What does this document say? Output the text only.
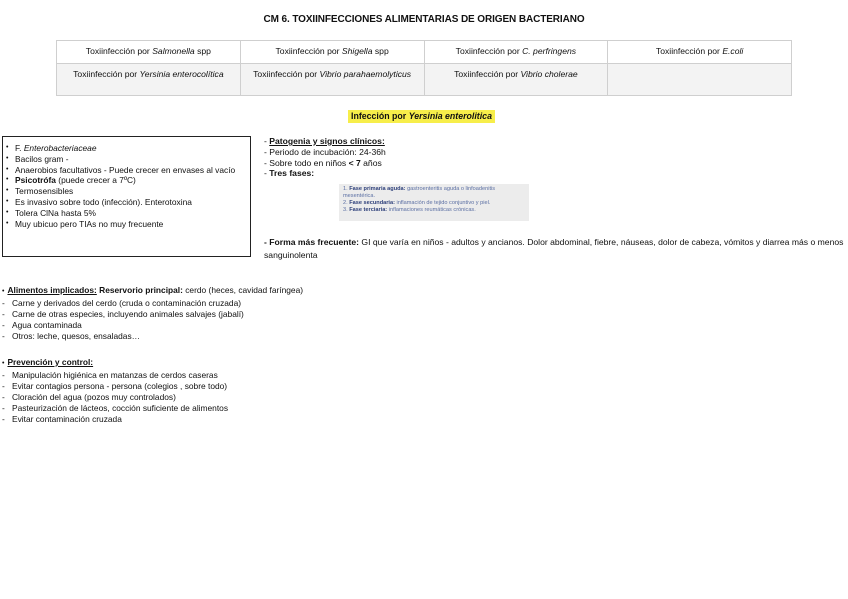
CM 6. TOXIINFECCIONES ALIMENTARIAS DE ORIGEN BACTERIANO
Toxiinfección por Salmonella spp	Toxiinfección por Shigella spp	Toxiinfección por C. perfringens	Toxiinfección por E.coli
Toxiinfección por Yersinia enterocolítica	Toxiinfección por Vibrio parahaemolyticus	Toxiinfección por Vibrio cholerae	
Infección por Yersinia enterolitica
• F. Enterobacteriaceae
• Bacilos gram -
• Anaerobios facultativos - Puede crecer en envases al vacío
• Psicotrófa (puede crecer a 7ºC)
• Termosensibles
• Es invasivo sobre todo (infección). Enterotoxina
• Tolera ClNa hasta 5%
• Muy ubicuo pero TIAs no muy frecuente
- Patogenia y signos clínicos:
- Periodo de incubación: 24-36h
- Sobre todo en niños < 7 años
- Tres fases:
1. Fase primaria aguda: gastroenteritis aguda o linfoadenitis mesentérica.
2. Fase secundaria: inflamación de tejido conjuntivo y piel.
3. Fase terciaria: inflamaciones reumáticas crónicas.
- Forma más frecuente: GI que varía en niños - adultos y ancianos. Dolor abdominal, fiebre, náuseas, dolor de cabeza, vómitos y diarrea más o menos sanguinolenta
• Alimentos implicados: Reservorio principal: cerdo (heces, cavidad faríngea)
- Carne y derivados del cerdo (cruda o contaminación cruzada)
- Carne de otras especies, incluyendo animales salvajes (jabalí)
- Agua contaminada
- Otros: leche, quesos, ensaladas…
• Prevención y control:
- Manipulación higiénica en matanzas de cerdos caseras
- Evitar contagios persona - persona (colegios , sobre todo)
- Cloración del agua (pozos muy controlados)
- Pasteurización de lácteos, cocción suficiente de alimentos
- Evitar contaminación cruzada
